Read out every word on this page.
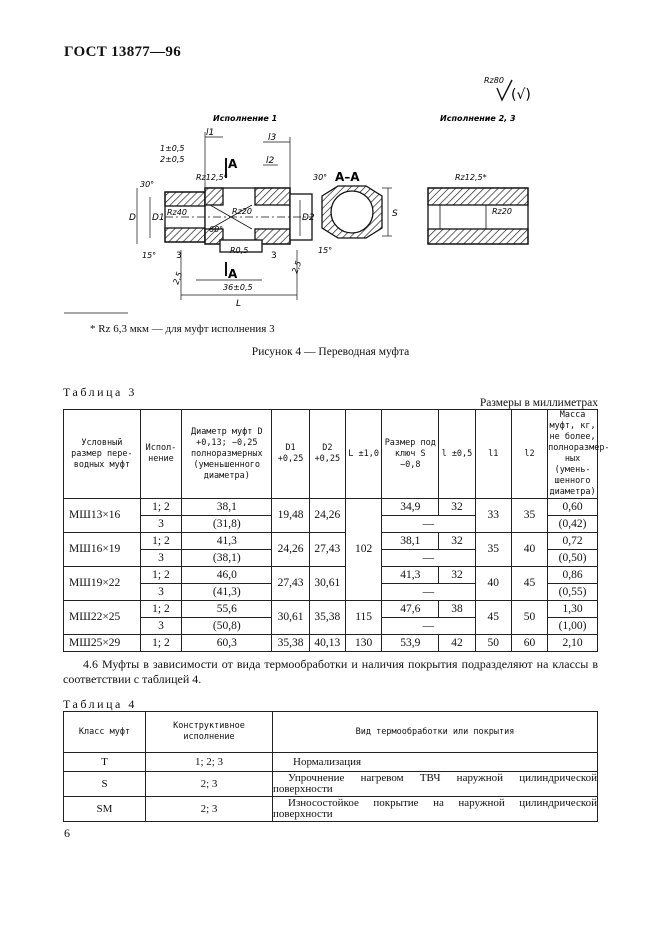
ГОСТ 13877—96
Rz80
(√)
Исполнение 1	Исполнение 2, 3
l1	l3
l2
1±0,5
2±0,5	A
Rz12,5*
30°
Rz40	Rz20
60°
D D1	D2
15° 3
R0,5
3
15°
A
2,5
2,5
36±0,5
L
30° A–A
S
Rz12,5*
Rz20
* Rz 6,3 мкм — для муфт исполнения 3
Рисунок 4 — Переводная муфта
Таблица 3
Размеры в миллиметрах
Условный размер пере-водных муфт	Испол-нение	Диаметр муфт D +0,13; −0,25 полноразмерных (уменьшенного диаметра)	D1 +0,25	D2 +0,25	L ±1,0	Размер под ключ S −0,8	l ±0,5	l1	l2	Масса муфт, кг, не более, полноразмер-ных (умень-шенного диаметра)
МШ13×16	1; 2	38,1	19,48	24,26	102	34,9	32	33	35	0,60
	3	(31,8)				—				(0,42)
МШ16×19	1; 2	41,3	24,26	27,43		38,1	32	35	40	0,72
	3	(38,1)				—				(0,50)
МШ19×22	1; 2	46,0	27,43	30,61		41,3	32	40	45	0,86
	3	(41,3)				—				(0,55)
МШ22×25	1; 2	55,6	30,61	35,38	115	47,6	38	45	50	1,30
	3	(50,8)				—				(1,00)
МШ25×29	1; 2	60,3	35,38	40,13	130	53,9	42	50	60	2,10
4.6 Муфты в зависимости от вида термообработки и наличия покрытия подразделяют на классы в соответствии с таблицей 4.
Таблица 4
Класс муфт	Конструктивное исполнение	Вид термообработки или покрытия
T	1; 2; 3	Нормализация
S	2; 3	Упрочнение нагревом ТВЧ наружной цилиндрической поверхности
SM	2; 3	Износостойкое покрытие на наружной цилиндрической поверхности
6
